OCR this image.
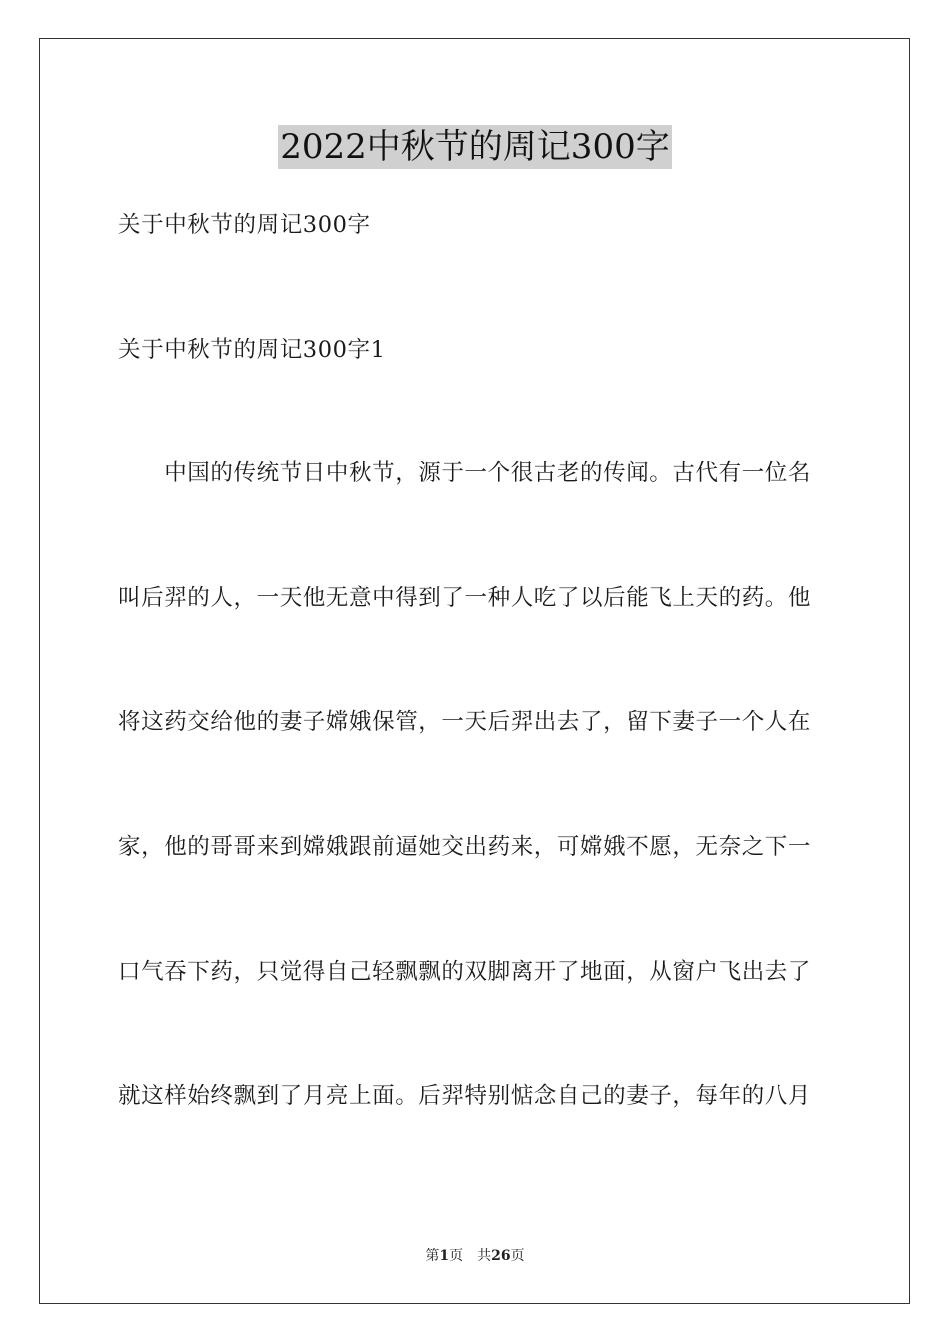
2022中秋节的周记300字
关于中秋节的周记300字
关于中秋节的周记300字1
　　中国的传统节日中秋节，源于一个很古老的传闻。古代有一位名
叫后羿的人，一天他无意中得到了一种人吃了以后能飞上天的药。他
将这药交给他的妻子嫦娥保管，一天后羿出去了，留下妻子一个人在
家，他的哥哥来到嫦娥跟前逼她交出药来，可嫦娥不愿，无奈之下一
口气吞下药，只觉得自己轻飘飘的双脚离开了地面，从窗户飞出去了
就这样始终飘到了月亮上面。后羿特别惦念自己的妻子，每年的八月
第1页 共26页
